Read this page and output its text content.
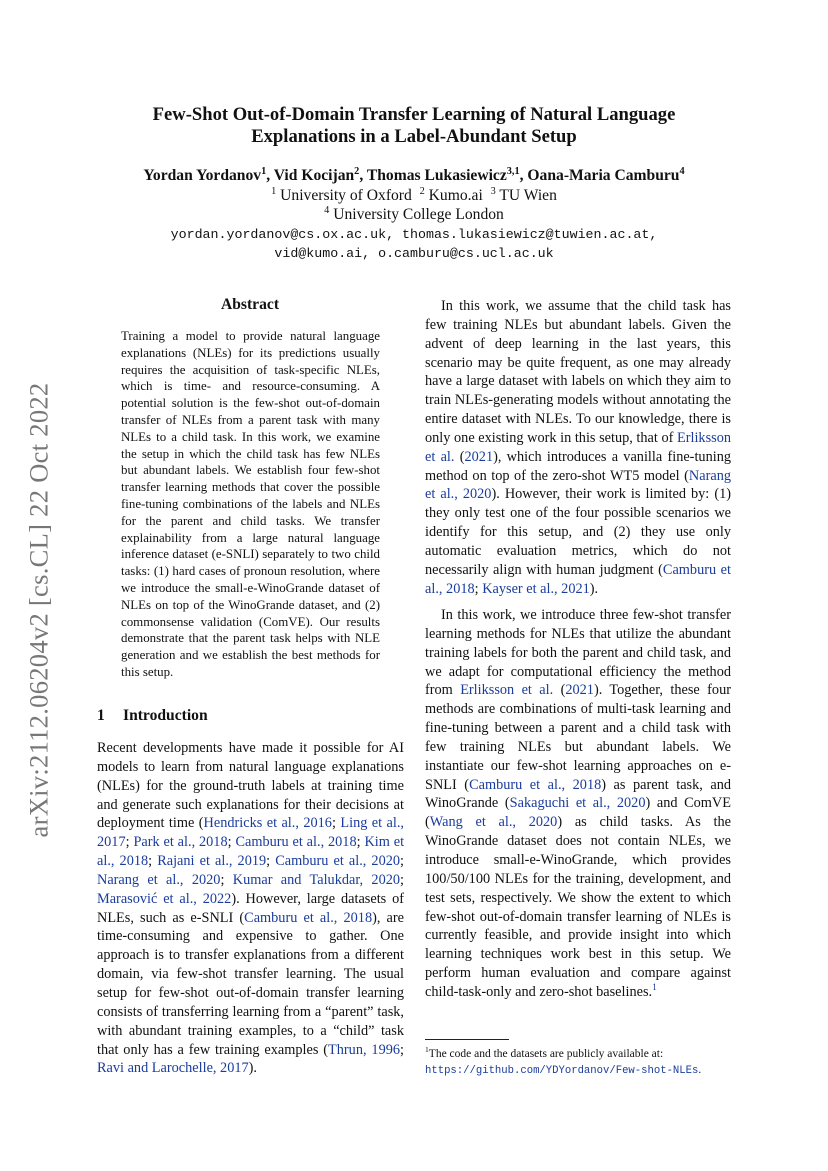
arXiv:2112.06204v2 [cs.CL] 22 Oct 2022
Few-Shot Out-of-Domain Transfer Learning of Natural Language
Explanations in a Label-Abundant Setup
Yordan Yordanov$^1$, Vid Kocijan$^2$, Thomas Lukasiewicz$^{3,1}$, Oana-Maria Camburu$^4$
$^1$ University of Oxford $^2$ Kumo.ai $^3$ TU Wien
$^4$ University College London
yordan.yordanov@cs.ox.ac.uk, thomas.lukasiewicz@tuwien.ac.at,
vid@kumo.ai, o.camburu@cs.ucl.ac.uk
Abstract
Training a model to provide natural language explanations (NLEs) for its predictions usually requires the acquisition of task-specific NLEs, which is time- and resource-consuming. A potential solution is the few-shot out-of-domain transfer of NLEs from a parent task with many NLEs to a child task. In this work, we examine the setup in which the child task has few NLEs but abundant labels. We establish four few-shot transfer learning methods that cover the possible fine-tuning combinations of the labels and NLEs for the parent and child tasks. We transfer explainability from a large natural language inference dataset (e-SNLI) separately to two child tasks: (1) hard cases of pronoun resolution, where we introduce the small-e-WinoGrande dataset of NLEs on top of the WinoGrande dataset, and (2) commonsense validation (ComVE). Our results demonstrate that the parent task helps with NLE generation and we establish the best methods for this setup.
1 Introduction
Recent developments have made it possible for AI models to learn from natural language explanations (NLEs) for the ground-truth labels at training time and generate such explanations for their decisions at deployment time (Hendricks et al., 2016; Ling et al., 2017; Park et al., 2018; Camburu et al., 2018; Kim et al., 2018; Rajani et al., 2019; Camburu et al., 2020; Narang et al., 2020; Kumar and Talukdar, 2020; Marasović et al., 2022). However, large datasets of NLEs, such as e-SNLI (Camburu et al., 2018), are time-consuming and expensive to gather. One approach is to transfer explanations from a different domain, via few-shot transfer learning. The usual setup for few-shot out-of-domain transfer learning consists of transferring learning from a “parent” task, with abundant training examples, to a “child” task that only has a few training examples (Thrun, 1996; Ravi and Larochelle, 2017).
In this work, we assume that the child task has few training NLEs but abundant labels. Given the advent of deep learning in the last years, this scenario may be quite frequent, as one may already have a large dataset with labels on which they aim to train NLEs-generating models without annotating the entire dataset with NLEs. To our knowledge, there is only one existing work in this setup, that of Erliksson et al. (2021), which introduces a vanilla fine-tuning method on top of the zero-shot WT5 model (Narang et al., 2020). However, their work is limited by: (1) they only test one of the four possible scenarios we identify for this setup, and (2) they use only automatic evaluation metrics, which do not necessarily align with human judgment (Camburu et al., 2018; Kayser et al., 2021).
In this work, we introduce three few-shot transfer learning methods for NLEs that utilize the abundant training labels for both the parent and child task, and we adapt for computational efficiency the method from Erliksson et al. (2021). Together, these four methods are combinations of multi-task learning and fine-tuning between a parent and a child task with few training NLEs but abundant labels. We instantiate our few-shot learning approaches on e-SNLI (Camburu et al., 2018) as parent task, and WinoGrande (Sakaguchi et al., 2020) and ComVE (Wang et al., 2020) as child tasks. As the WinoGrande dataset does not contain NLEs, we introduce small-e-WinoGrande, which provides 100/50/100 NLEs for the training, development, and test sets, respectively. We show the extent to which few-shot out-of-domain transfer learning of NLEs is currently feasible, and provide insight into which learning techniques work best in this setup. We perform human evaluation and compare against child-task-only and zero-shot baselines.$^1$
$^1$The code and the datasets are publicly available at: https://github.com/YDYordanov/Few-shot-NLEs.
